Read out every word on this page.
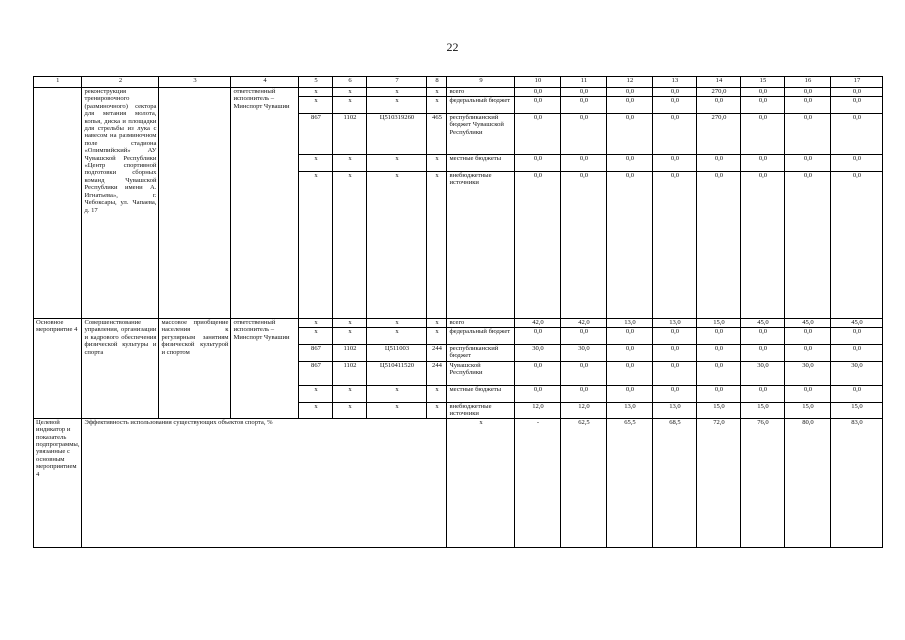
22
1	2	3	4	5	6	7	8	9	10	11	12	13	14	15	16	17
	реконструкция тренировочного (разминочного) сектора для метания молота, копья, диска и площадки для стрельбы из лука с навесом на разминочном поле стадиона «Олимпийский» АУ Чувашской Республики «Центр спортивной подготовки сборных команд Чувашской Республики имени А. Игнатьева», г. Чебоксары, ул. Чапаева, д. 17		ответственный исполнитель – Минспорт Чувашии	x	x	x	x	всего	0,0	0,0	0,0	0,0	270,0	0,0	0,0	0,0
				x	x	x	x	федеральный бюджет	0,0	0,0	0,0	0,0	0,0	0,0	0,0	0,0
				867	1102	Ц510319260	465	республиканский бюджет Чувашской Республики	0,0	0,0	0,0	0,0	270,0	0,0	0,0	0,0
				x	x	x	x	местные бюджеты	0,0	0,0	0,0	0,0	0,0	0,0	0,0	0,0
				x	x	x	x	внебюджетные источники	0,0	0,0	0,0	0,0	0,0	0,0	0,0	0,0
Основное мероприятие 4	Совершенствование управления, организации и кадрового обеспечения физической культуры и спорта	массовое приобщение населения к регулярным занятиям физической культурой и спортом	ответственный исполнитель – Минспорт Чувашии	x	x	x	x	всего	42,0	42,0	13,0	13,0	15,0	45,0	45,0	45,0
				x	x	x	x	федеральный бюджет	0,0	0,0	0,0	0,0	0,0	0,0	0,0	0,0
				867	1102	Ц511003	244	республиканский бюджет	30,0	30,0	0,0	0,0	0,0	0,0	0,0	0,0
				867	1102	Ц510411520	244	Чувашской Республики	0,0	0,0	0,0	0,0	0,0	30,0	30,0	30,0
				x	x	x	x	местные бюджеты	0,0	0,0	0,0	0,0	0,0	0,0	0,0	0,0
				x	x	x	x	внебюджетные источники	12,0	12,0	13,0	13,0	15,0	15,0	15,0	15,0
Целевой индикатор и показатель подпрограммы, увязанные с основным мероприятием 4	Эффективность использования существующих объектов спорта, %							x	-	62,5	65,5	68,5	72,0	76,0	80,0	83,0
